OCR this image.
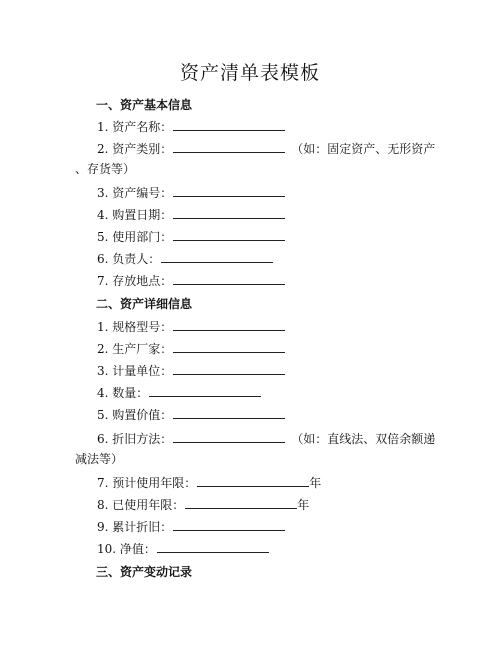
资产清单表模板
一、资产基本信息
1. 资产名称：
2. 资产类别：	（如：固定资产、无形资产
、存货等）
3. 资产编号：
4. 购置日期：
5. 使用部门：
6. 负责人：
7. 存放地点：
二、资产详细信息
1. 规格型号：
2. 生产厂家：
3. 计量单位：
4. 数量：
5. 购置价值：
6. 折旧方法：	（如：直线法、双倍余额递
减法等）
7. 预计使用年限：	年
8. 已使用年限：	年
9. 累计折旧：
10. 净值：
三、资产变动记录
